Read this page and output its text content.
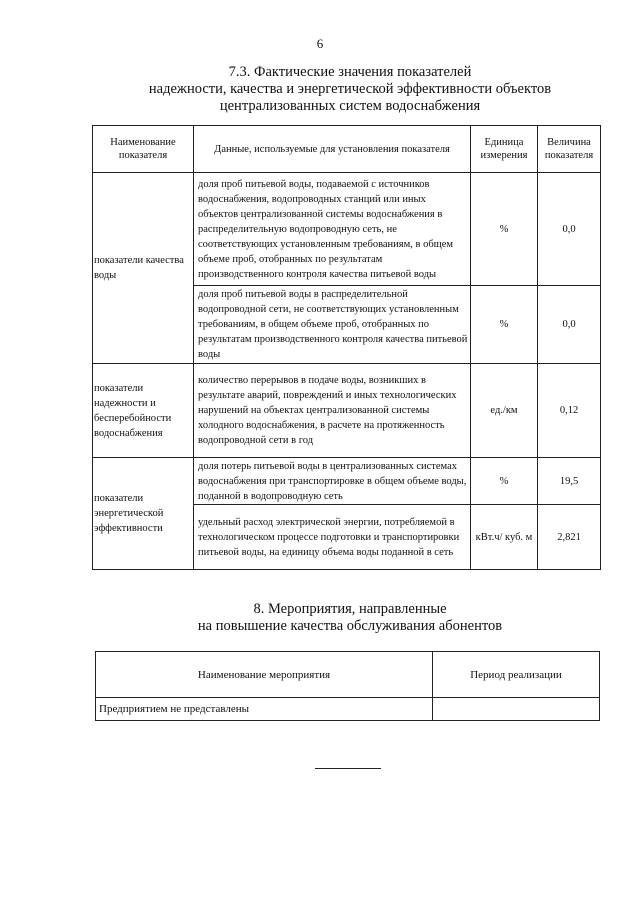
6
7.3. Фактические значения показателей
надежности, качества и энергетической эффективности объектов
централизованных систем водоснабжения
Наименование показателя	Данные, используемые для установления показателя	Единица измерения	Величина показателя
показатели качества воды	доля проб питьевой воды, подаваемой с источников водоснабжения, водопроводных станций или иных объектов централизованной системы водоснабжения в распределительную водопроводную сеть, не соответствующих установленным требованиям, в общем объеме проб, отобранных по результатам производственного контроля качества питьевой воды	%	0,0
	доля проб питьевой воды в распределительной водопроводной сети, не соответствующих установленным требованиям, в общем объеме проб, отобранных по результатам производственного контроля качества питьевой воды	%	0,0
показатели надежности и бесперебойности водоснабжения	количество перерывов в подаче воды, возникших в результате аварий, повреждений и иных технологических нарушений на объектах централизованной системы холодного водоснабжения, в расчете на протяженность водопроводной сети в год	ед./км	0,12
показатели энергетической эффективности	доля потерь питьевой воды в централизованных системах водоснабжения при транспортировке в общем объеме воды, поданной в водопроводную сеть	%	19,5
	удельный расход электрической энергии, потребляемой в технологическом процессе подготовки и транспортировки питьевой воды, на единицу объема воды поданной в сеть	кВт.ч/ куб. м	2,821
8. Мероприятия, направленные
на повышение качества обслуживания абонентов
Наименование мероприятия	Период реализации
Предприятием не представлены	
